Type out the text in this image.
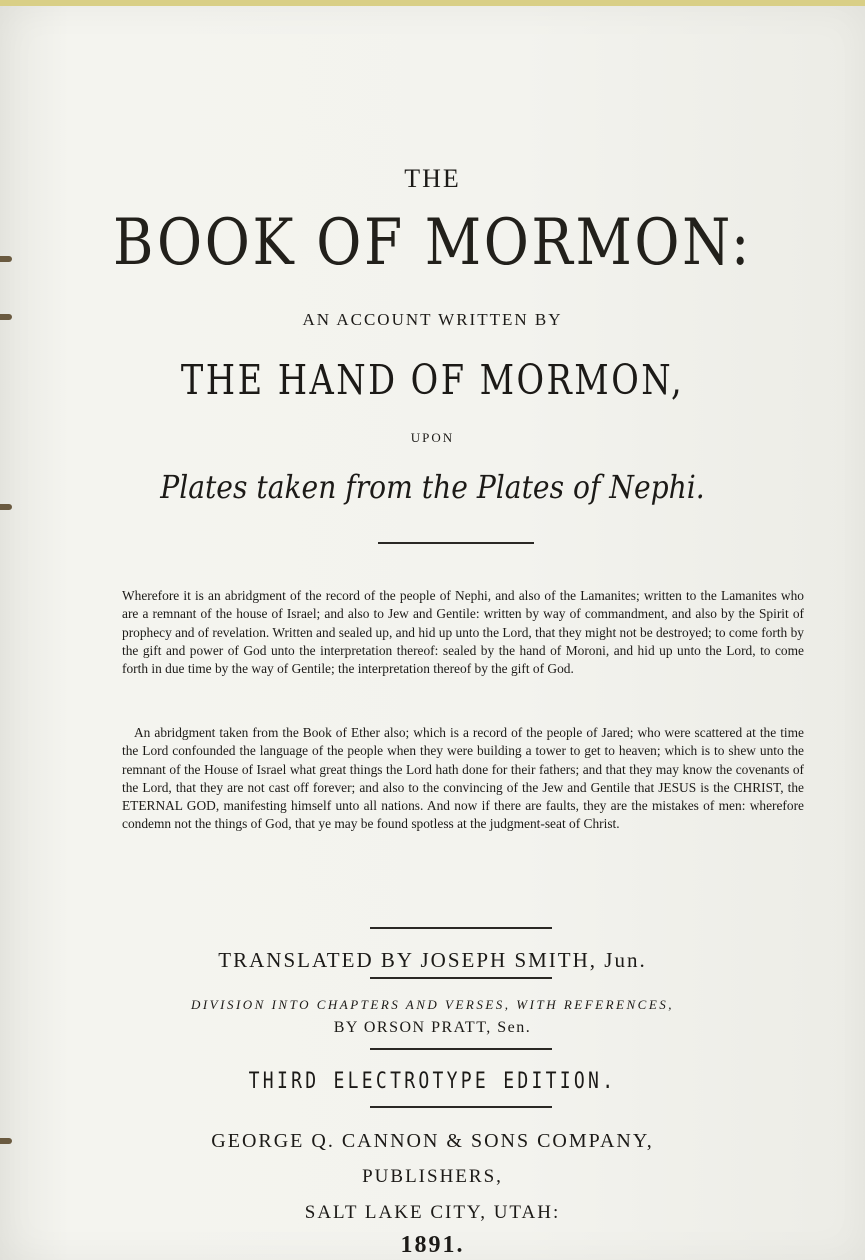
THE
BOOK OF MORMON:
AN ACCOUNT WRITTEN BY
THE HAND OF MORMON,
UPON
Plates taken from the Plates of Nephi.
Wherefore it is an abridgment of the record of the people of Nephi, and also of the Lamanites; written to the Lamanites who are a remnant of the house of Israel; and also to Jew and Gentile: written by way of commandment, and also by the Spirit of prophecy and of revelation. Written and sealed up, and hid up unto the Lord, that they might not be destroyed; to come forth by the gift and power of God unto the interpretation thereof: sealed by the hand of Moroni, and hid up unto the Lord, to come forth in due time by the way of Gentile; the interpretation thereof by the gift of God.
An abridgment taken from the Book of Ether also; which is a record of the people of Jared; who were scattered at the time the Lord confounded the language of the people when they were building a tower to get to heaven; which is to shew unto the remnant of the House of Israel what great things the Lord hath done for their fathers; and that they may know the covenants of the Lord, that they are not cast off forever; and also to the convincing of the Jew and Gentile that JESUS is the CHRIST, the ETERNAL GOD, manifesting himself unto all nations. And now if there are faults, they are the mistakes of men: wherefore condemn not the things of God, that ye may be found spotless at the judgment-seat of Christ.
TRANSLATED BY JOSEPH SMITH, Jun.
DIVISION INTO CHAPTERS AND VERSES, WITH REFERENCES,
BY ORSON PRATT, Sen.
THIRD ELECTROTYPE EDITION.
GEORGE Q. CANNON & SONS COMPANY,
PUBLISHERS,
SALT LAKE CITY, UTAH:
1891.
